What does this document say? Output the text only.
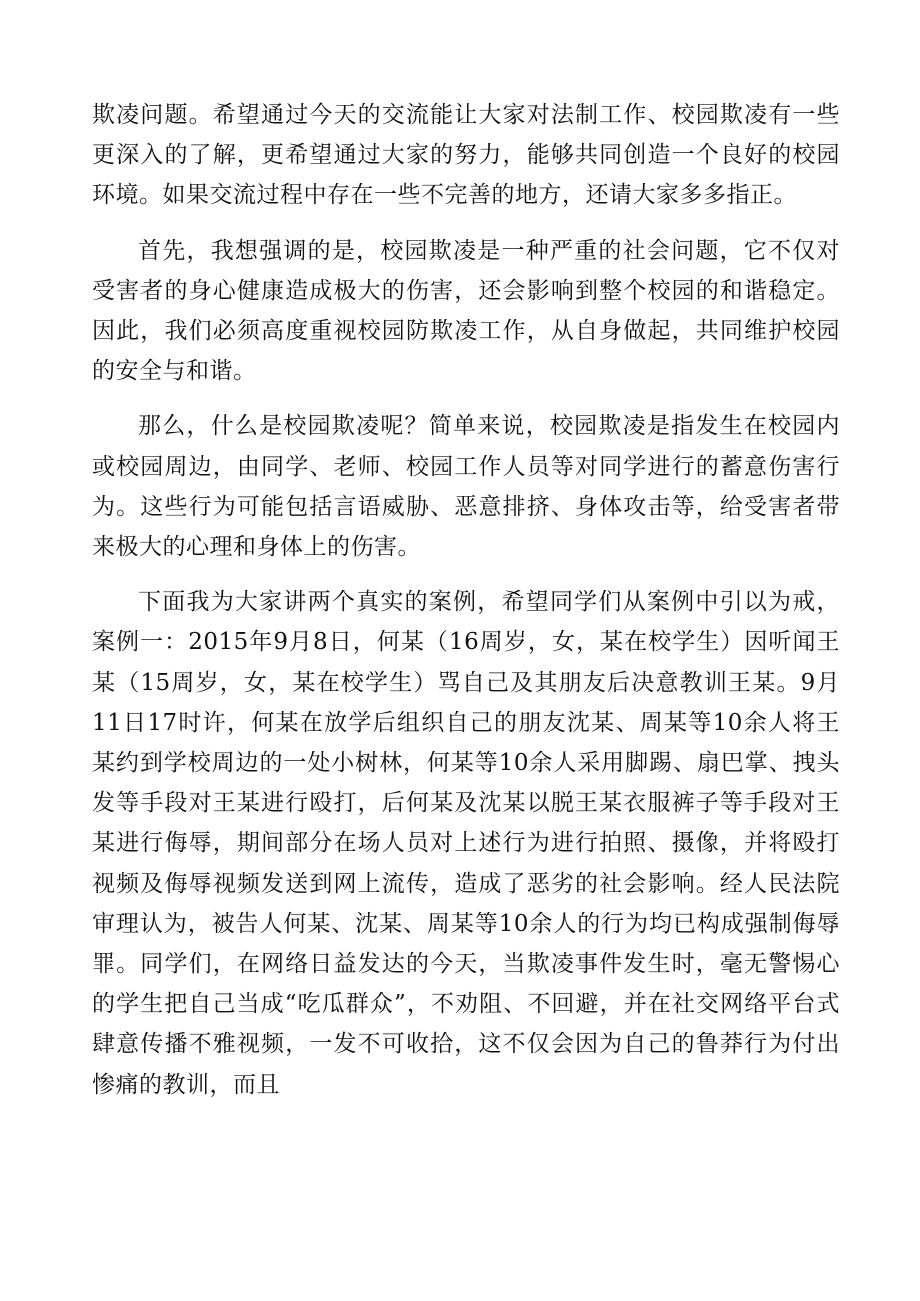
欺凌问题。希望通过今天的交流能让大家对法制工作、校园欺凌有一些更深入的了解，更希望通过大家的努力，能够共同创造一个良好的校园环境。如果交流过程中存在一些不完善的地方，还请大家多多指正。

首先，我想强调的是，校园欺凌是一种严重的社会问题，它不仅对受害者的身心健康造成极大的伤害，还会影响到整个校园的和谐稳定。因此，我们必须高度重视校园防欺凌工作，从自身做起，共同维护校园的安全与和谐。

那么，什么是校园欺凌呢？简单来说，校园欺凌是指发生在校园内或校园周边，由同学、老师、校园工作人员等对同学进行的蓄意伤害行为。这些行为可能包括言语威胁、恶意排挤、身体攻击等，给受害者带来极大的心理和身体上的伤害。

下面我为大家讲两个真实的案例，希望同学们从案例中引以为戒，案例一：2015年9月8日，何某（16周岁，女，某在校学生）因听闻王某（15周岁，女，某在校学生）骂自己及其朋友后决意教训王某。9月11日17时许，何某在放学后组织自己的朋友沈某、周某等10余人将王某约到学校周边的一处小树林，何某等10余人采用脚踢、扇巴掌、拽头发等手段对王某进行殴打，后何某及沈某以脱王某衣服裤子等手段对王某进行侮辱，期间部分在场人员对上述行为进行拍照、摄像，并将殴打视频及侮辱视频发送到网上流传，造成了恶劣的社会影响。经人民法院审理认为，被告人何某、沈某、周某等10余人的行为均已构成强制侮辱罪。同学们，在网络日益发达的今天，当欺凌事件发生时，毫无警惕心的学生把自己当成“吃瓜群众”，不劝阻、不回避，并在社交网络平台式肆意传播不雅视频，一发不可收拾，这不仅会因为自己的鲁莽行为付出惨痛的教训，而且
